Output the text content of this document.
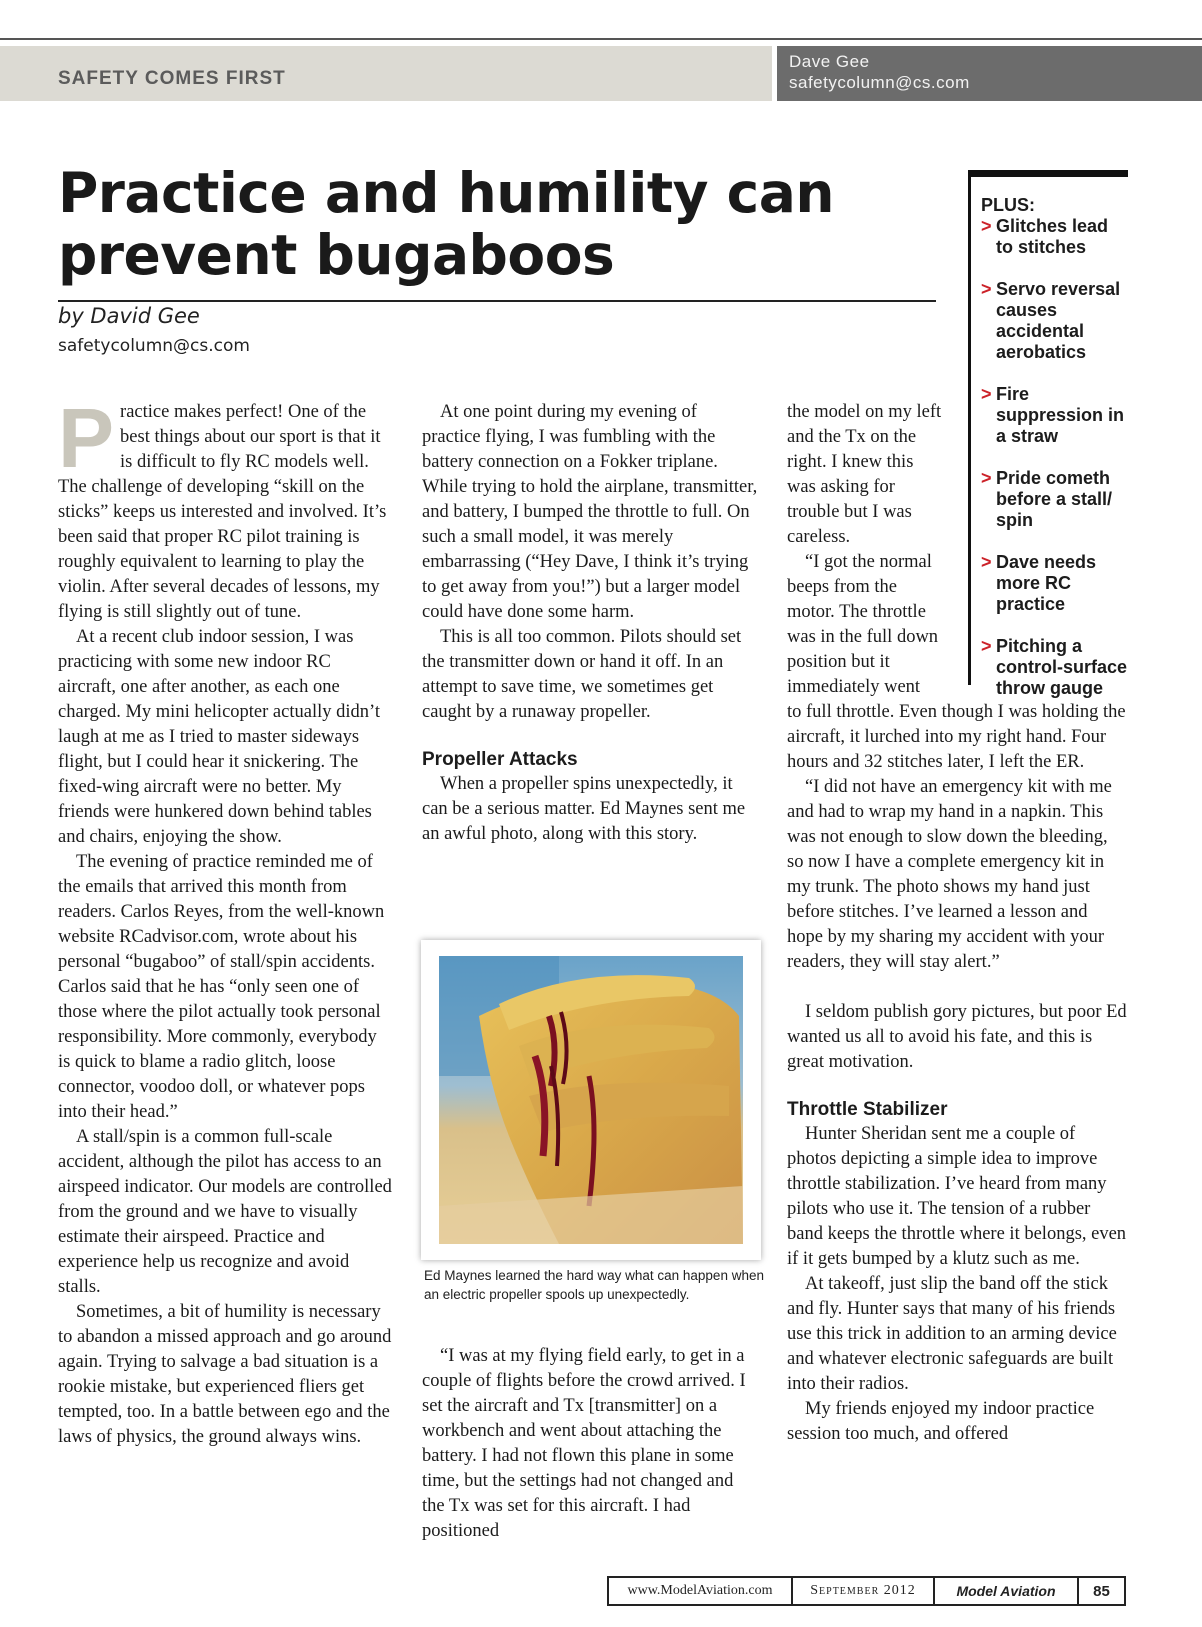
SAFETY COMES FIRST
Dave Gee
safetycolumn@cs.com
Practice and humility can
prevent bugaboos
by David Gee
safetycolumn@cs.com
PLUS:
> Glitches lead to stitches
> Servo reversal causes accidental aerobatics
> Fire suppression in a straw
> Pride cometh before a stall/ spin
> Dave needs more RC practice
> Pitching a control-surface throw gauge

Practice makes perfect! One of the best things about our sport is that it is difficult to fly RC models well. The challenge of developing “skill on the sticks” keeps us interested and involved. It’s been said that proper RC pilot training is roughly equivalent to learning to play the violin. After several decades of lessons, my flying is still slightly out of tune.

At a recent club indoor session, I was practicing with some new indoor RC aircraft, one after another, as each one charged. My mini helicopter actually didn’t laugh at me as I tried to master sideways flight, but I could hear it snickering. The fixed-wing aircraft were no better. My friends were hunkered down behind tables and chairs, enjoying the show.

The evening of practice reminded me of the emails that arrived this month from readers. Carlos Reyes, from the well-known website RCadvisor.com, wrote about his personal “bugaboo” of stall/spin accidents. Carlos said that he has “only seen one of those where the pilot actually took personal responsibility. More commonly, everybody is quick to blame a radio glitch, loose connector, voodoo doll, or whatever pops into their head.”

A stall/spin is a common full-scale accident, although the pilot has access to an airspeed indicator. Our models are controlled from the ground and we have to visually estimate their airspeed. Practice and experience help us recognize and avoid stalls.

Sometimes, a bit of humility is necessary to abandon a missed approach and go around again. Trying to salvage a bad situation is a rookie mistake, but experienced fliers get tempted, too. In a battle between ego and the laws of physics, the ground always wins.

At one point during my evening of practice flying, I was fumbling with the battery connection on a Fokker triplane. While trying to hold the airplane, transmitter, and battery, I bumped the throttle to full. On such a small model, it was merely embarrassing (“Hey Dave, I think it’s trying to get away from you!”) but a larger model could have done some harm.

This is all too common. Pilots should set the transmitter down or hand it off. In an attempt to save time, we sometimes get caught by a runaway propeller.

Propeller Attacks

When a propeller spins unexpectedly, it can be a serious matter. Ed Maynes sent me an awful photo, along with this story.

Ed Maynes learned the hard way what can happen when an electric propeller spools up unexpectedly.

“I was at my flying field early, to get in a couple of flights before the crowd arrived. I set the aircraft and Tx [transmitter] on a workbench and went about attaching the battery. I had not flown this plane in some time, but the settings had not changed and the Tx was set for this aircraft. I had positioned

the model on my left and the Tx on the right. I knew this was asking for trouble but I was careless.

“I got the normal beeps from the motor. The throttle was in the full down position but it immediately went

to full throttle. Even though I was holding the aircraft, it lurched into my right hand. Four hours and 32 stitches later, I left the ER.

“I did not have an emergency kit with me and had to wrap my hand in a napkin. This was not enough to slow down the bleeding, so now I have a complete emergency kit in my trunk. The photo shows my hand just before stitches. I’ve learned a lesson and hope by my sharing my accident with your readers, they will stay alert.”

I seldom publish gory pictures, but poor Ed wanted us all to avoid his fate, and this is great motivation.

Throttle Stabilizer

Hunter Sheridan sent me a couple of photos depicting a simple idea to improve throttle stabilization. I’ve heard from many pilots who use it. The tension of a rubber band keeps the throttle where it belongs, even if it gets bumped by a klutz such as me.

At takeoff, just slip the band off the stick and fly. Hunter says that many of his friends use this trick in addition to an arming device and whatever electronic safeguards are built into their radios.

My friends enjoyed my indoor practice session too much, and offered

www.ModelAviation.com	September 2012	Model Aviation	85
